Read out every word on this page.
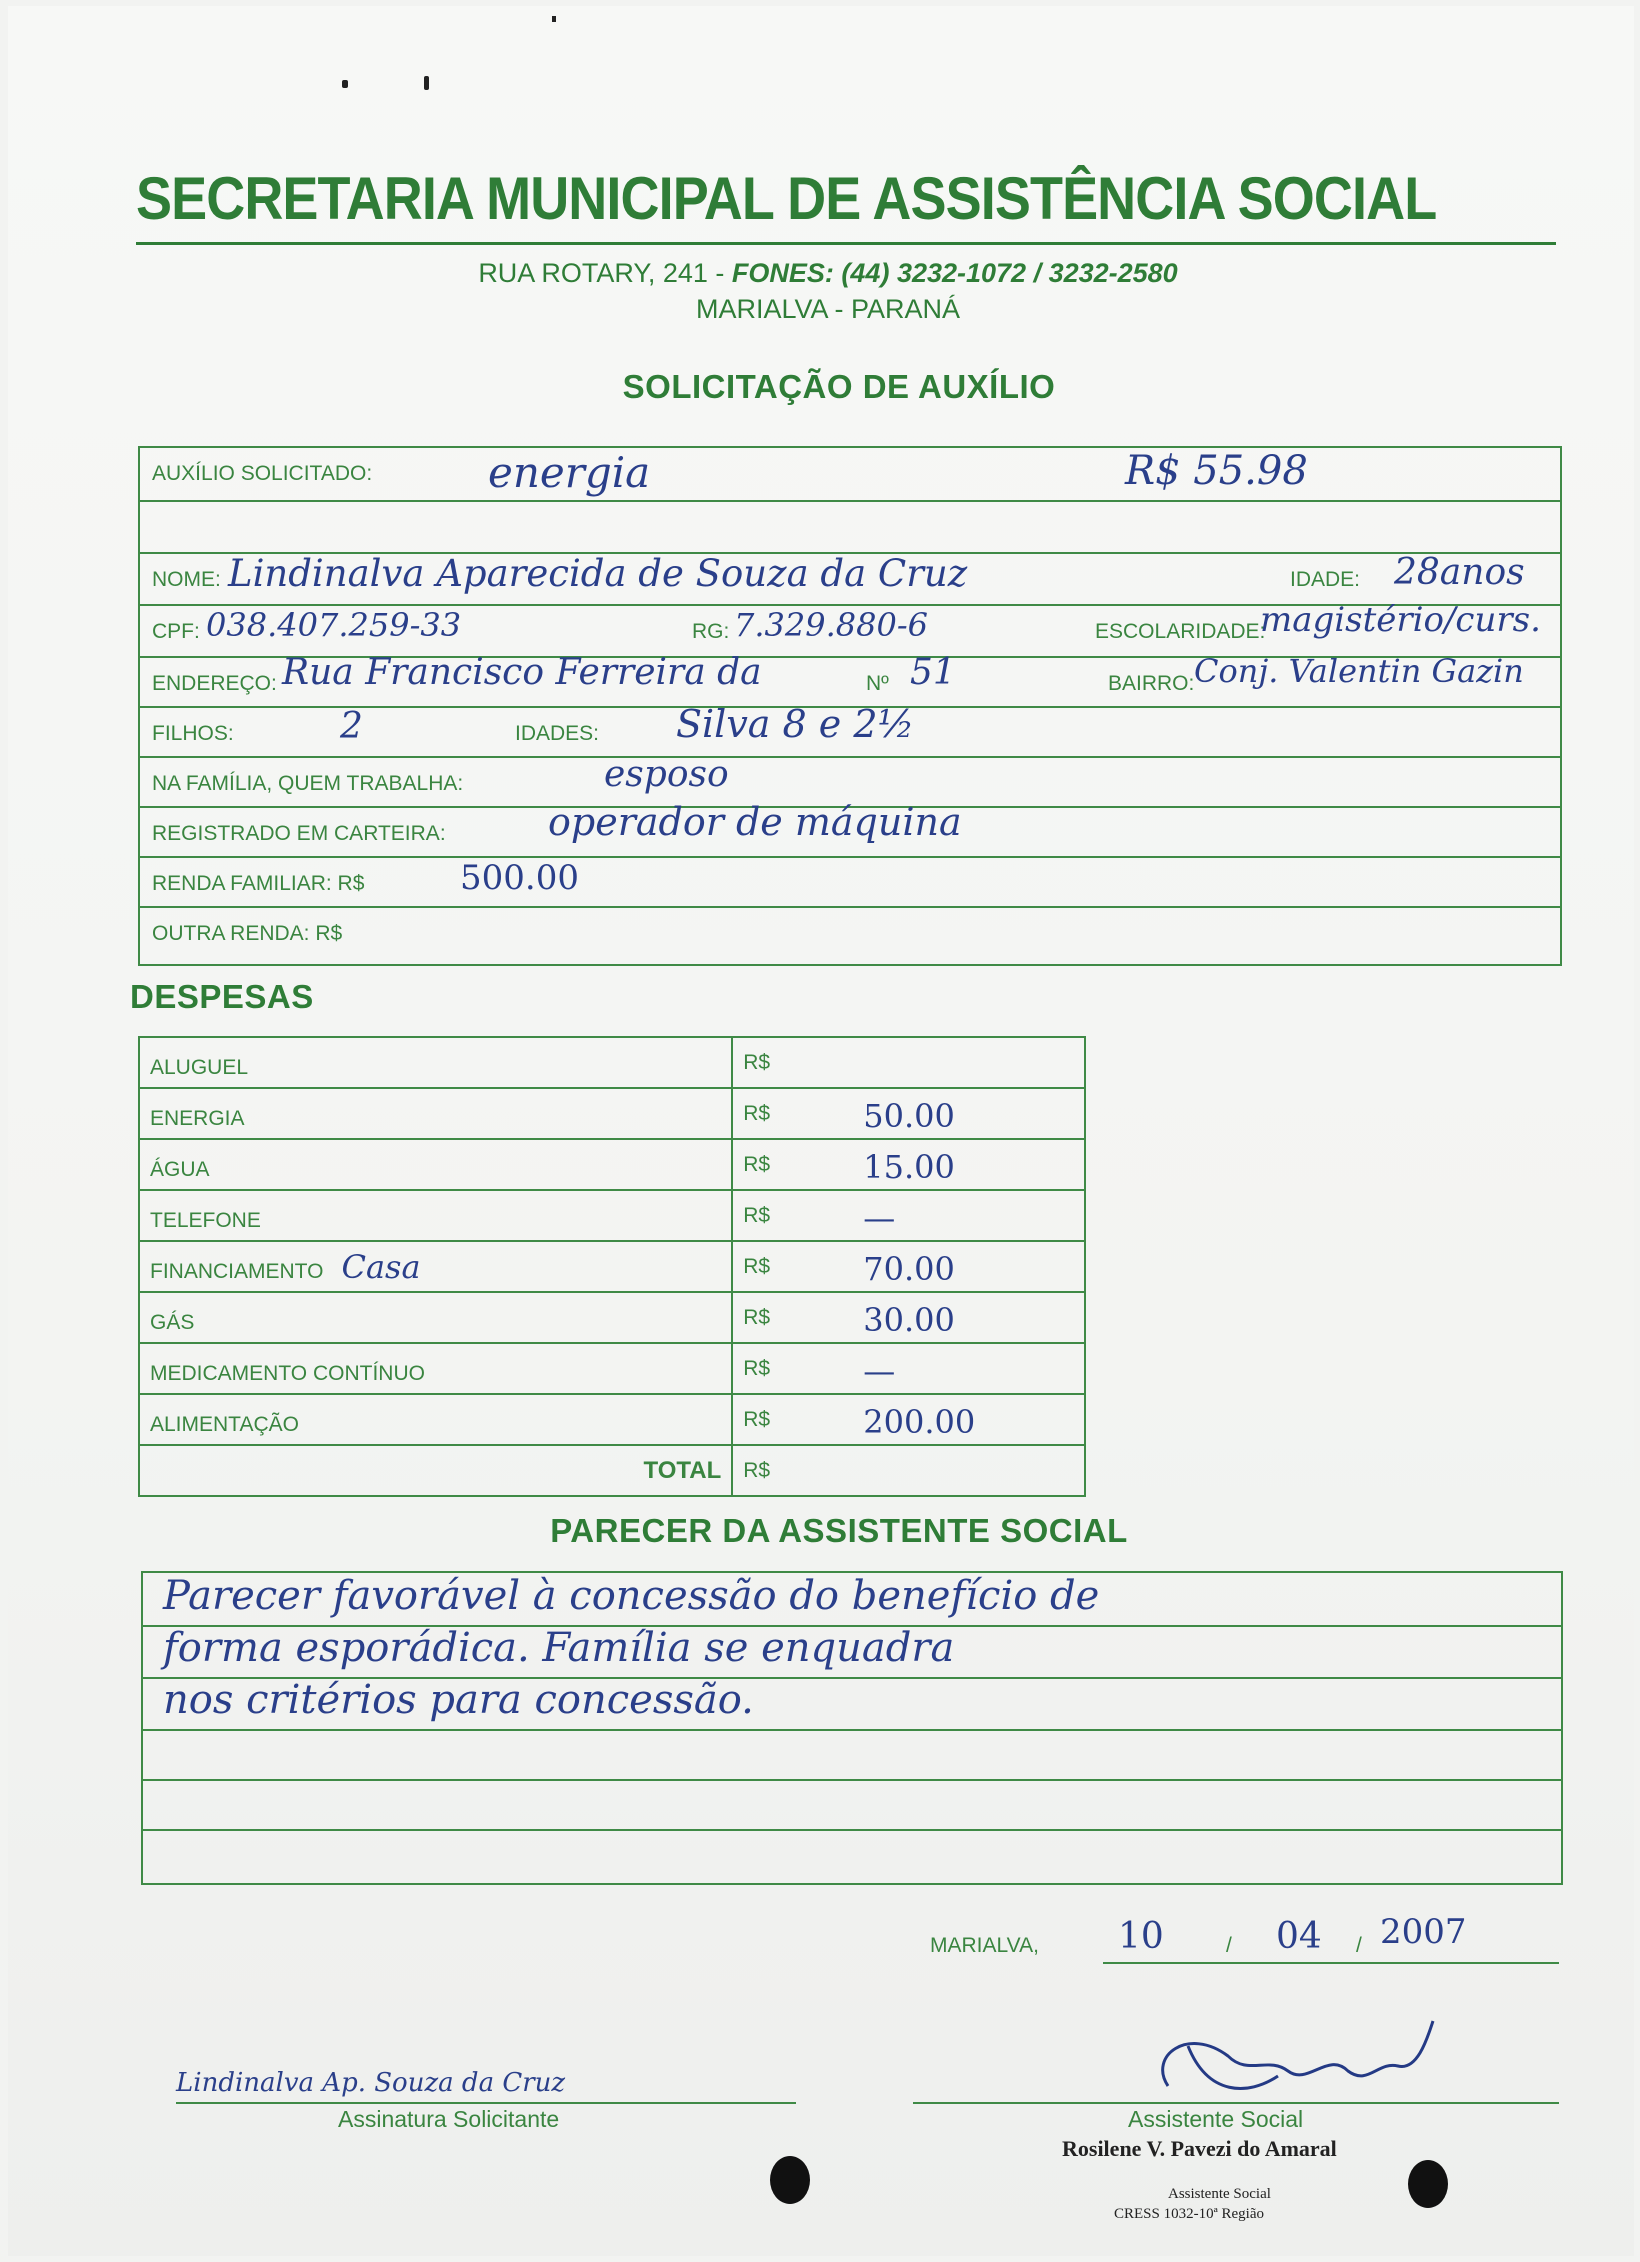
SECRETARIA MUNICIPAL DE ASSISTÊNCIA SOCIAL
RUA ROTARY, 241 - FONES: (44) 3232-1072 / 3232-2580
MARIALVA - PARANÁ
SOLICITAÇÃO DE AUXÍLIO
AUXÍLIO SOLICITADO:	energia	R$ 55.98
NOME: Lindinalva Aparecida de Souza da Cruz	IDADE: 28anos
CPF: 038.407.259-33	RG: 7.329.880-6	ESCOLARIDADE:
magistério/curs.
ENDEREÇO: Rua Francisco Ferreira da	Nº 51	BAIRRO: Conj. Valentin Gazin
FILHOS:	2	IDADES: Silva 8 e 2½
NA FAMÍLIA, QUEM TRABALHA:	esposo
REGISTRADO EM CARTEIRA:	operador de máquina
RENDA FAMILIAR: R$	500.00
OUTRA RENDA: R$
DESPESAS
ALUGUEL	R$

ENERGIA	R$ 50.00

ÁGUA	R$ 15.00

TELEFONE	R$ —

FINANCIAMENTO Casa	R$ 70.00

GÁS	R$ 30.00

MEDICAMENTO CONTÍNUO	R$ —

ALIMENTAÇÃO	R$ 200.00

TOTAL	R$
PARECER DA ASSISTENTE SOCIAL
Parecer favorável à concessão do benefício de
forma esporádica. Família se enquadra
nos critérios para concessão.
MARIALVA, 10	/ 04 / 2007
Lindinalva Ap. Souza da Cruz
Assinatura Solicitante	Assistente Social
Rosilene V. Pavezi do Amaral
Assistente Social
CRESS 1032-10ª Região
